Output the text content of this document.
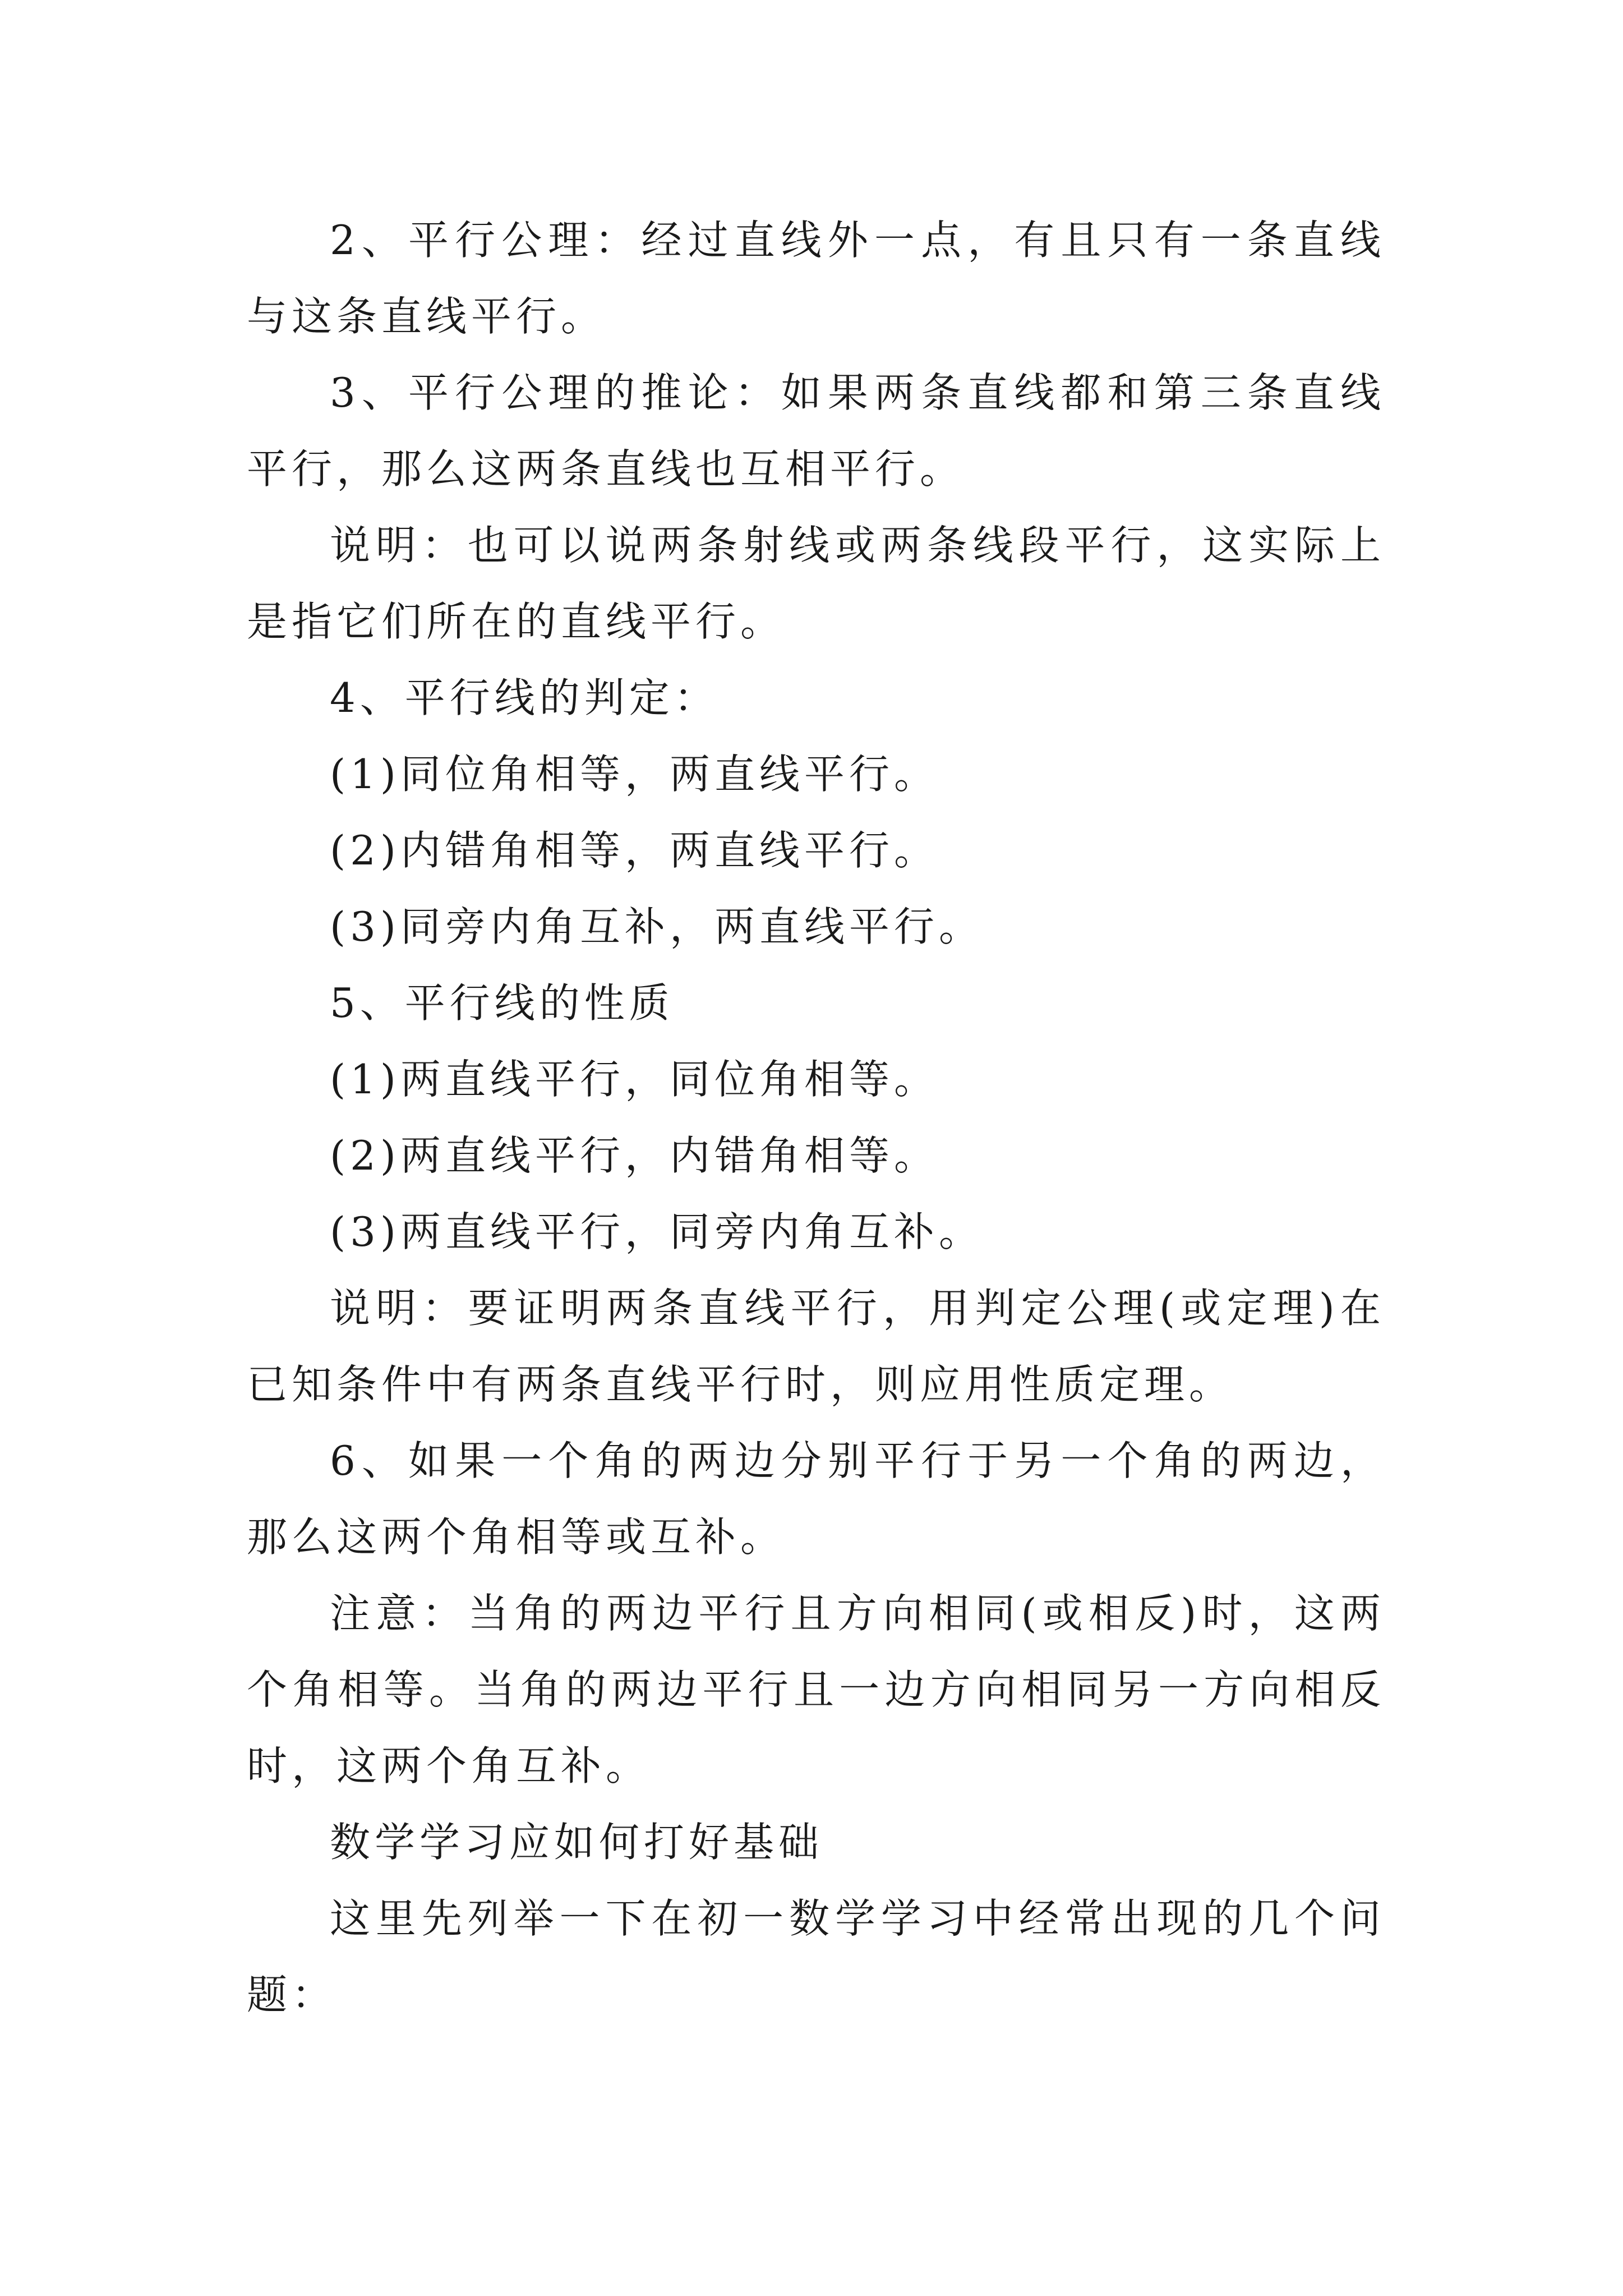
2、平行公理：经过直线外一点，有且只有一条直线与这条直线平行。

3、平行公理的推论：如果两条直线都和第三条直线平行，那么这两条直线也互相平行。

说明：也可以说两条射线或两条线段平行，这实际上是指它们所在的直线平行。

4、平行线的判定：

(1)同位角相等，两直线平行。

(2)内错角相等，两直线平行。

(3)同旁内角互补，两直线平行。

5、平行线的性质

(1)两直线平行，同位角相等。

(2)两直线平行，内错角相等。

(3)两直线平行，同旁内角互补。

说明：要证明两条直线平行，用判定公理(或定理)在已知条件中有两条直线平行时，则应用性质定理。

6、如果一个角的两边分别平行于另一个角的两边，那么这两个角相等或互补。

注意：当角的两边平行且方向相同(或相反)时，这两个角相等。当角的两边平行且一边方向相同另一方向相反时，这两个角互补。

数学学习应如何打好基础

这里先列举一下在初一数学学习中经常出现的几个问题：
